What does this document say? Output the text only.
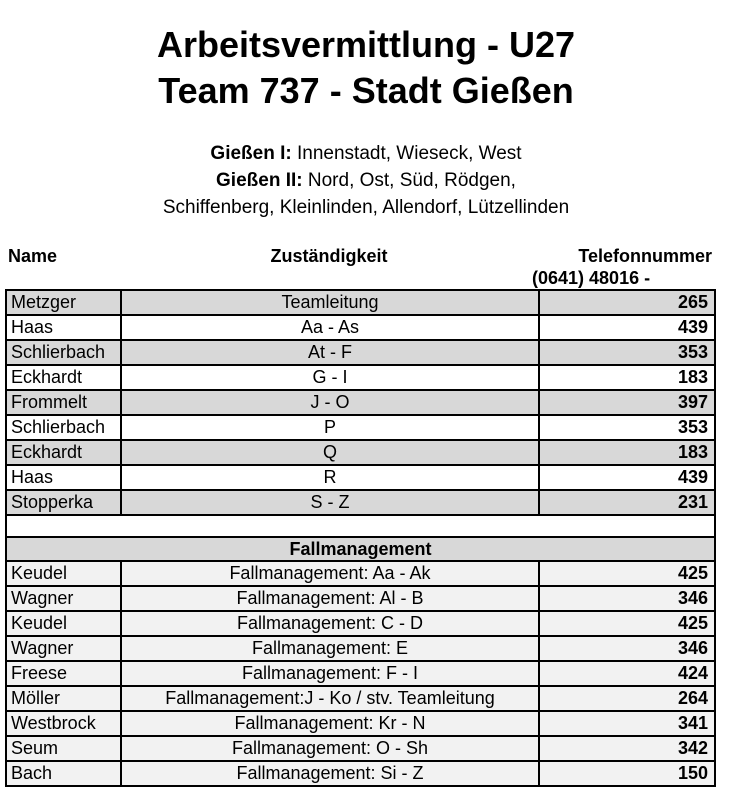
Arbeitsvermittlung - U27
Team 737 - Stadt Gießen
Gießen I: Innenstadt, Wieseck, West
Gießen II: Nord, Ost, Süd, Rödgen,
Schiffenberg, Kleinlinden, Allendorf, Lützellinden
Name	Zuständigkeit	Telefonnummer
(0641) 48016 -
Metzger	Teamleitung	265
Haas	Aa - As	439
Schlierbach	At - F	353
Eckhardt	G - I	183
Frommelt	J - O	397
Schlierbach	P	353
Eckhardt	Q	183
Haas	R	439
Stopperka	S - Z	231

Fallmanagement		
Keudel	Fallmanagement: Aa - Ak	425
Wagner	Fallmanagement: Al - B	346
Keudel	Fallmanagement: C - D	425
Wagner	Fallmanagement: E	346
Freese	Fallmanagement: F - I	424
Möller	Fallmanagement:J - Ko / stv. Teamleitung	264
Westbrock	Fallmanagement: Kr - N	341
Seum	Fallmanagement: O - Sh	342
Bach	Fallmanagement: Si - Z	150
